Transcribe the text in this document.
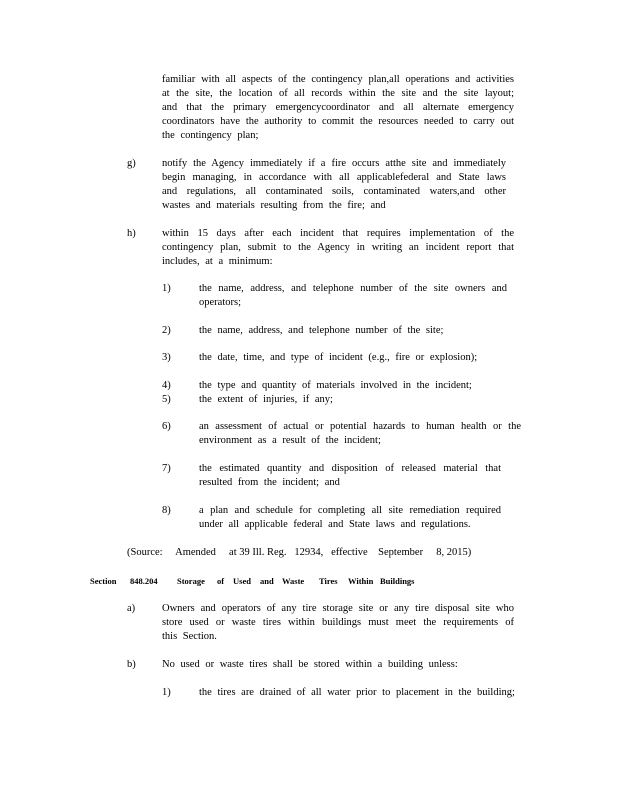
familiar with all aspects of the contingency plan,all operations and activities at the site, the location of all records within the site and the site layout; and that the primary emergencycoordinator and all alternate emergency coordinators have the authority to commit the resources needed to carry out the contingency plan;

g)	notify the Agency immediately if a fire occurs atthe site and immediately begin managing, in accordance with all applicablefederal and State laws and regulations, all contaminated soils, contaminated waters,and other wastes and materials resulting from the fire; and

h)	within 15 days after each incident that requires implementation of the contingency plan, submit to the Agency in writing an incident report that includes, at a minimum:

1)	the name, address, and telephone number of the site owners and operators;

2)	the name, address, and telephone number of the site;

3)	the date, time, and type of incident (e.g., fire or explosion);

4)	the type and quantity of materials involved in the incident;

5)	the extent of injuries, if any;

6)	an assessment of actual or potential hazards to human health or the environment as a result of the incident;

7)	the estimated quantity and disposition of released material that resulted from the incident; and

8)	a plan and schedule for completing all site remediation required under all applicable federal and State laws and regulations.

(Source:     Amended     at 39 Ill. Reg.   12934,   effective    September     8, 2015)

Section 848.204 Storage of Used and Waste Tires Within Buildings
a)	Owners and operators of any tire storage site or any tire disposal site who store used or waste tires within buildings must meet the requirements of this Section.

b)	No used or waste tires shall be stored within a building unless:

1)	the tires are drained of all water prior to placement in the building;
